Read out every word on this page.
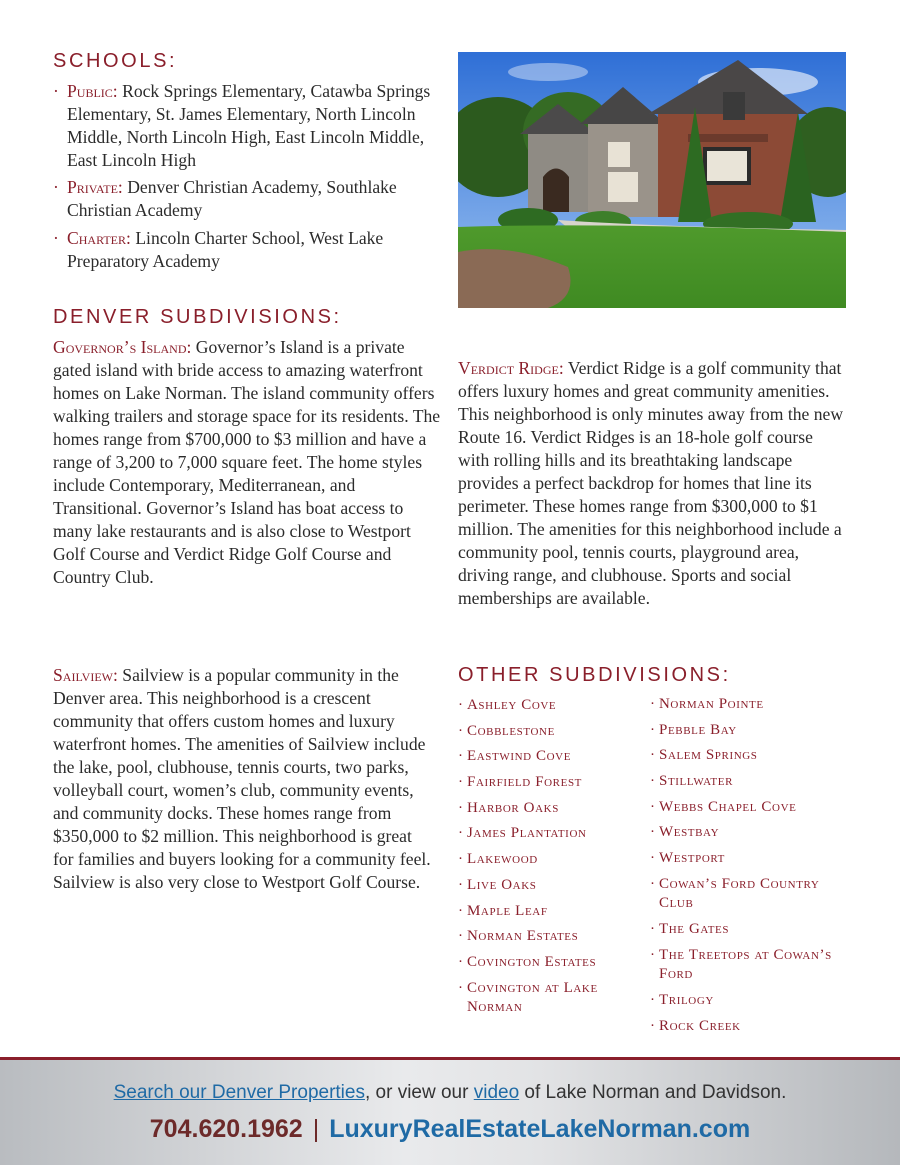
SCHOOLS:
· Public: Rock Springs Elementary, Catawba Springs Elementary, St. James Elementary, North Lincoln Middle, North Lincoln High, East Lincoln Middle, East Lincoln High
· Private: Denver Christian Academy, Southlake Christian Academy
· Charter: Lincoln Charter School, West Lake Preparatory Academy
DENVER SUBDIVISIONS:

Governor’s Island: Governor’s Island is a private gated island with bride access to amazing waterfront homes on Lake Norman. The island community offers walking trailers and storage space for its residents. The homes range from $700,000 to $3 million and have a range of 3,200 to 7,000 square feet. The home styles include Contemporary, Mediterranean, and Transitional. Governor’s Island has boat access to many lake restaurants and is also close to Westport Golf Course and Verdict Ridge Golf Course and Country Club.

Verdict Ridge: Verdict Ridge is a golf community that offers luxury homes and great community amenities. This neighborhood is only minutes away from the new Route 16. Verdict Ridges is an 18-hole golf course with rolling hills and its breathtaking landscape provides a perfect backdrop for homes that line its perimeter. These homes range from $300,000 to $1 million. The amenities for this neighborhood include a community pool, tennis courts, playground area, driving range, and clubhouse. Sports and social memberships are available.

Sailview: Sailview is a popular community in the Denver area. This neighborhood is a crescent community that offers custom homes and luxury waterfront homes. The amenities of Sailview include the lake, pool, clubhouse, tennis courts, two parks, volleyball court, women’s club, community events, and community docks. These homes range from $350,000 to $2 million. This neighborhood is great for families and buyers looking for a community feel. Sailview is also very close to Westport Golf Course.

OTHER SUBDIVISIONS:
· Ashley Cove
· Cobblestone
· Eastwind Cove
· Fairfield Forest
· Harbor Oaks
· James Plantation
· Lakewood
· Live Oaks
· Maple Leaf
· Norman Estates
· Covington Estates
· Covington at Lake Norman
· Norman Pointe
· Pebble Bay
· Salem Springs
· Stillwater
· Webbs Chapel Cove
· Westbay
· Westport
· Cowan’s Ford Country Club
· The Gates
· The Treetops at Cowan’s Ford
· Trilogy
· Rock Creek
Search our Denver Properties, or view our video of Lake Norman and Davidson.
704.620.1962 | LuxuryRealEstateLakeNorman.com
